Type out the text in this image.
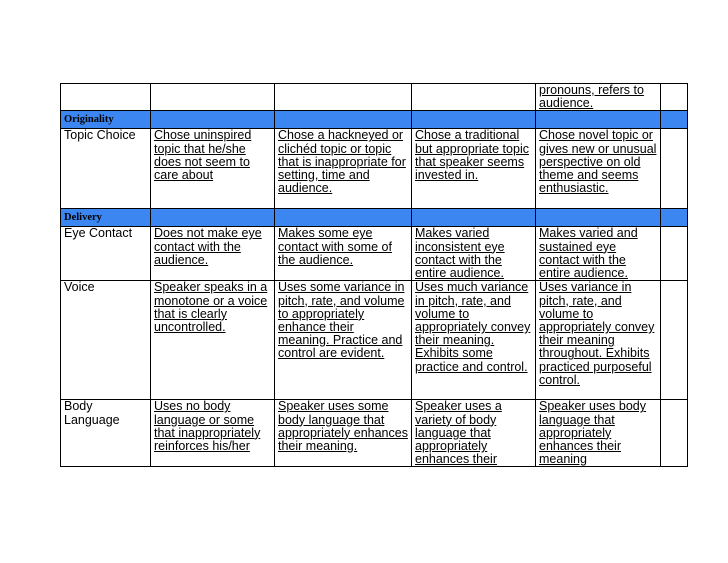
				pronouns, refers to audience.	
Originality					
Topic Choice	Chose uninspired topic that he/she does not seem to care about	Chose a hackneyed or clichéd topic or topic that is inappropriate for setting, time and audience.	Chose a traditional but appropriate topic that speaker seems invested in.	Chose novel topic or gives new or unusual perspective on old theme and seems enthusiastic.	
Delivery					
Eye Contact	Does not make eye contact with the audience.	Makes some eye contact with some of the audience.	Makes varied inconsistent eye contact with the entire audience.	Makes varied and sustained eye contact with the entire audience.	
Voice	Speaker speaks in a monotone or a voice that is clearly uncontrolled.	Uses some variance in pitch, rate, and volume to appropriately enhance their meaning. Practice and control are evident.	Uses much variance in pitch, rate, and volume to appropriately convey their meaning. Exhibits some practice and control.	Uses variance in pitch, rate, and volume to appropriately convey their meaning throughout. Exhibits practiced purposeful control.	
Body Language	Uses no body language or some that inappropriately reinforces his/her	Speaker uses some body language that appropriately enhances their meaning.	Speaker uses a variety of body language that appropriately enhances their	Speaker uses body language that appropriately enhances their meaning	
